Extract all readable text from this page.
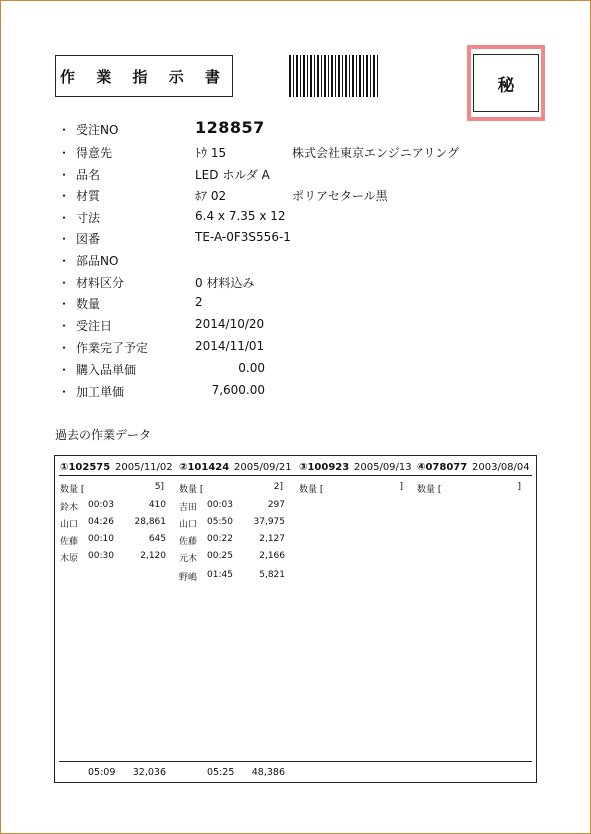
作 業 指 示 書	秘
・ 受注NO	128857
・ 得意先	ﾄｳ 15	株式会社東京エンジニアリング
・ 品名	LED ホルダ A
・ 材質	ﾎｱ 02	ポリアセタール黒
・ 寸法	6.4 x 7.35 x 12
・ 図番	TE-A-0F3S556-1
・ 部品NO
・ 材料区分	0 材料込み
・ 数量	2
・ 受注日	2014/10/20
・ 作業完了予定	2014/11/01
・ 購入品単価	0.00
・ 加工単価	7,600.00
過去の作業データ
①102575 2005/11/02
数量 [	5]
鈴木 00:03	410
山口 04:26 28,861
佐藤 00:10	645
木原 00:30	2,120
05:09 32,036
②101424 2005/09/21
数量 [	2]
吉田 00:03	297
山口 05:50 37,975
佐藤 00:22	2,127
元木 00:25	2,166
野嶋 01:45	5,821
05:25 48,386
③100923 2005/09/13
数量 [	]
④078077 2003/08/04
数量 [	]
